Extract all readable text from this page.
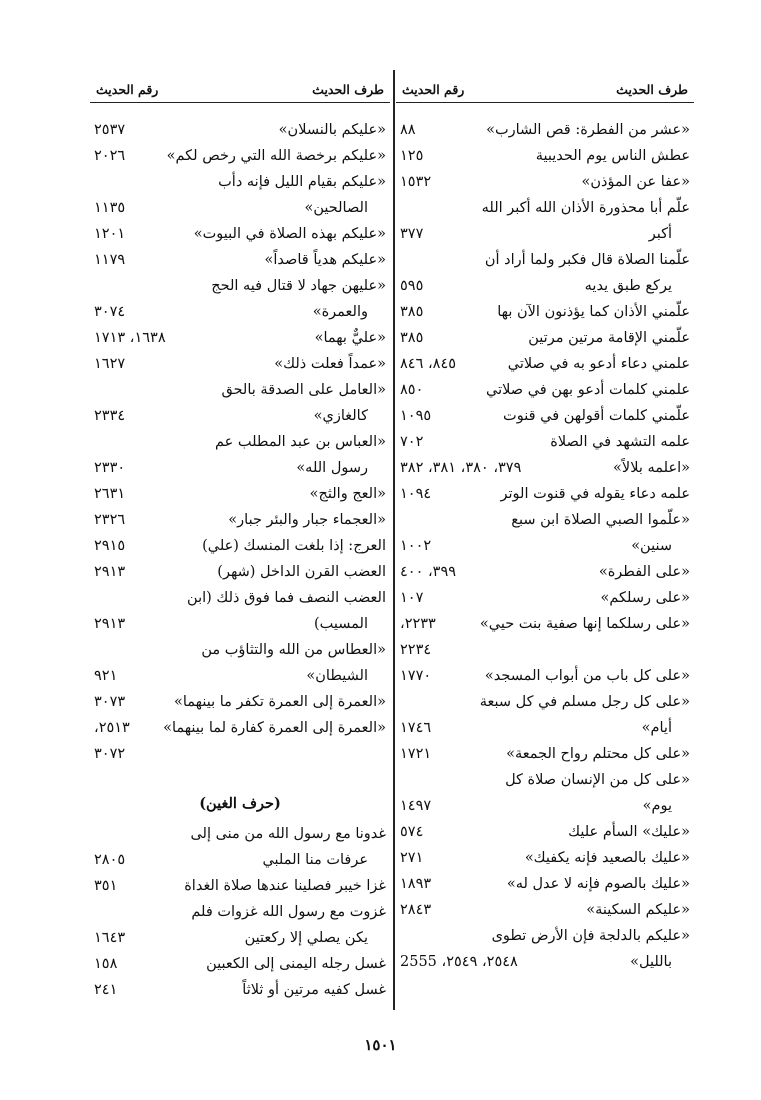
طرف الحديث
رقم الحديث
«عشر من الفطرة: قص الشارب»
٨٨
عطش الناس يوم الحديبية
١٢٥
«عفا عن المؤذن»
١٥٣٢
علّم أبا محذورة الأذان الله أكبر الله
أكبر
٣٧٧
علّمنا الصلاة قال فكبر ولما أراد أن
يركع طبق يديه
٥٩٥
علّمني الأذان كما يؤذنون الآن بها
٣٨٥
علّمني الإقامة مرتين مرتين
٣٨٥
علمني دعاء أدعو به في صلاتي
٨٤٥، ٨٤٦
علمني كلمات أدعو بهن في صلاتي
٨٥٠
علّمني كلمات أقولهن في قنوت
١٠٩٥
علمه التشهد في الصلاة
٧٠٢
«اعلمه بلالاً»
٣٧٩، ٣٨٠، ٣٨١، ٣٨٢
علمه دعاء يقوله في قنوت الوتر
١٠٩٤
«علّموا الصبي الصلاة ابن سبع
سنين»
١٠٠٢
«على الفطرة»
٣٩٩، ٤٠٠
«على رسلكم»
١٠٧
«على رسلكما إنها صفية بنت حيي»
٢٢٣٤
٢٢٣٣،
«على كل باب من أبواب المسجد»
١٧٧٠
«على كل رجل مسلم في كل سبعة
أيام»
١٧٤٦
«على كل محتلم رواح الجمعة»
١٧٢١
«على كل من الإنسان صلاة كل
يوم»
١٤٩٧
«عليك» السأم عليك
٥٧٤
«عليك بالصعيد فإنه يكفيك»
٢٧١
«عليك بالصوم فإنه لا عدل له»
١٨٩٣
«عليكم السكينة»
٢٨٤٣
«عليكم بالدلجة فإن الأرض تطوى
بالليل»
٢٥٤٨، ٢٥٤٩، 2555
طرف الحديث
رقم الحديث
«عليكم بالنسلان»
٢٥٣٧
«عليكم برخصة الله التي رخص لكم»
٢٠٢٦
«عليكم بقيام الليل فإنه دأب
الصالحين»
١١٣٥
«عليكم بهذه الصلاة في البيوت»
١٢٠١
«عليكم هدياً قاصداً»
١١٧٩
«عليهن جهاد لا قتال فيه الحج
والعمرة»
٣٠٧٤
«عليٌّ بهما»
١٦٣٨، ١٧١٣
«عمداً فعلت ذلك»
١٦٢٧
«العامل على الصدقة بالحق
كالغازي»
٢٣٣٤
«العباس بن عبد المطلب عم
رسول الله»
٢٣٣٠
«العج والثج»
٢٦٣١
«العجماء جبار والبئر جبار»
٢٣٢٦
العرج: إذا بلغت المنسك (علي)
٢٩١٥
العضب القرن الداخل (شهر)
٢٩١٣
العضب النصف فما فوق ذلك (ابن
المسيب)
٢٩١٣
«العطاس من الله والتثاؤب من
الشيطان»
٩٢١
«العمرة إلى العمرة تكفر ما بينهما»
٣٠٧٣
«العمرة إلى العمرة كفارة لما بينهما»
٣٠٧٢
٢٥١٣،
(حرف الغين)
غدونا مع رسول الله من منى إلى
عرفات منا الملبي
٢٨٠٥
غزا خيبر فصلينا عندها صلاة الغداة
٣٥١
غزوت مع رسول الله غزوات فلم
يكن يصلي إلا ركعتين
١٦٤٣
غسل رجله اليمنى إلى الكعبين
١٥٨
غسل كفيه مرتين أو ثلاثاً
٢٤١
١٥٠١
